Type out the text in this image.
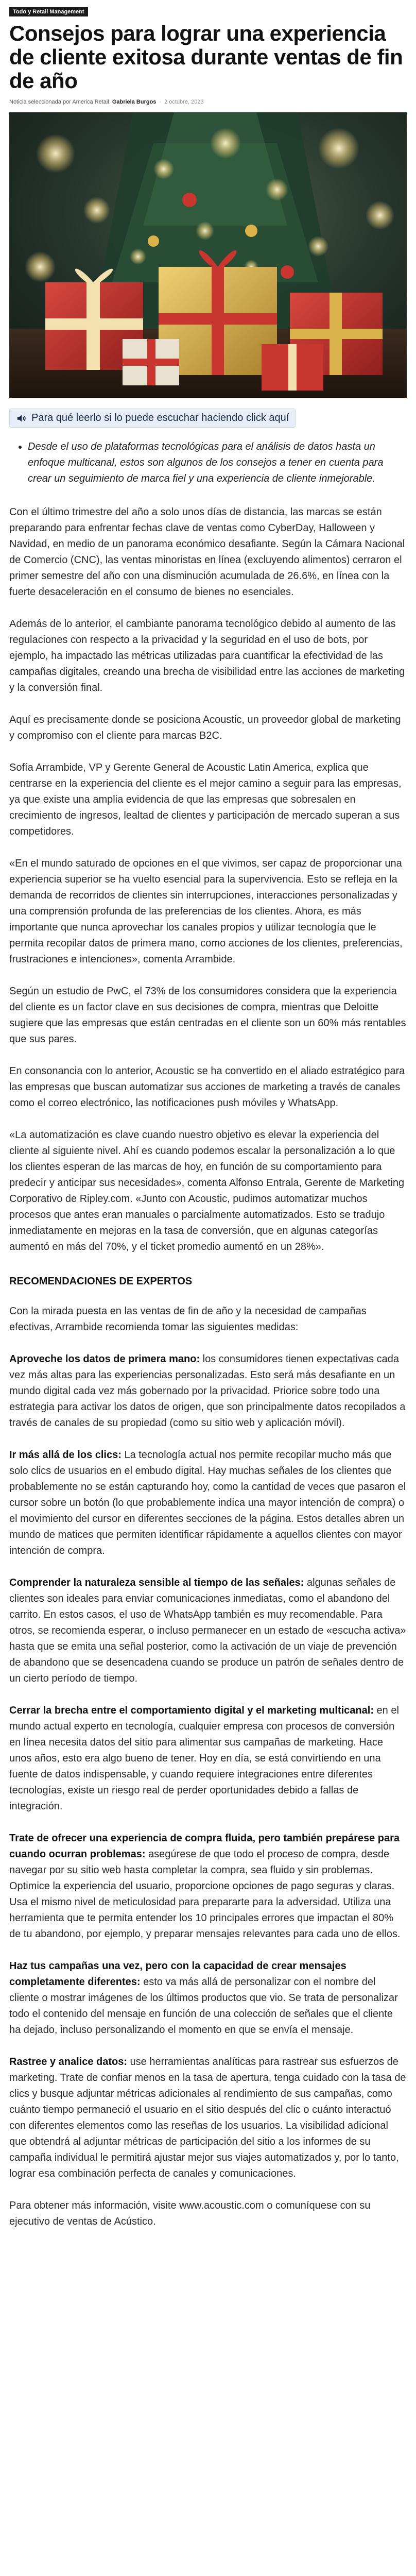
Todo y Retail Management
Consejos para lograr una experiencia de cliente exitosa durante ventas de fin de año
Noticia seleccionada por America Retail Gabriela Burgos · 2 octubre, 2023
Para qué leerlo si lo puede escuchar haciendo click aquí
• Desde el uso de plataformas tecnológicas para el análisis de datos hasta un enfoque multicanal, estos son algunos de los consejos a tener en cuenta para crear un seguimiento de marca fiel y una experiencia de cliente inmejorable.

Con el último trimestre del año a solo unos días de distancia, las marcas se están preparando para enfrentar fechas clave de ventas como CyberDay, Halloween y Navidad, en medio de un panorama económico desafiante. Según la Cámara Nacional de Comercio (CNC), las ventas minoristas en línea (excluyendo alimentos) cerraron el primer semestre del año con una disminución acumulada de 26.6%, en línea con la fuerte desaceleración en el consumo de bienes no esenciales.

Además de lo anterior, el cambiante panorama tecnológico debido al aumento de las regulaciones con respecto a la privacidad y la seguridad en el uso de bots, por ejemplo, ha impactado las métricas utilizadas para cuantificar la efectividad de las campañas digitales, creando una brecha de visibilidad entre las acciones de marketing y la conversión final.

Aquí es precisamente donde se posiciona Acoustic, un proveedor global de marketing y compromiso con el cliente para marcas B2C.

Sofía Arrambide, VP y Gerente General de Acoustic Latin America, explica que centrarse en la experiencia del cliente es el mejor camino a seguir para las empresas, ya que existe una amplia evidencia de que las empresas que sobresalen en crecimiento de ingresos, lealtad de clientes y participación de mercado superan a sus competidores.

«En el mundo saturado de opciones en el que vivimos, ser capaz de proporcionar una experiencia superior se ha vuelto esencial para la supervivencia. Esto se refleja en la demanda de recorridos de clientes sin interrupciones, interacciones personalizadas y una comprensión profunda de las preferencias de los clientes. Ahora, es más importante que nunca aprovechar los canales propios y utilizar tecnología que le permita recopilar datos de primera mano, como acciones de los clientes, preferencias, frustraciones e intenciones», comenta Arrambide.

Según un estudio de PwC, el 73% de los consumidores considera que la experiencia del cliente es un factor clave en sus decisiones de compra, mientras que Deloitte sugiere que las empresas que están centradas en el cliente son un 60% más rentables que sus pares.

En consonancia con lo anterior, Acoustic se ha convertido en el aliado estratégico para las empresas que buscan automatizar sus acciones de marketing a través de canales como el correo electrónico, las notificaciones push móviles y WhatsApp.

«La automatización es clave cuando nuestro objetivo es elevar la experiencia del cliente al siguiente nivel. Ahí es cuando podemos escalar la personalización a lo que los clientes esperan de las marcas de hoy, en función de su comportamiento para predecir y anticipar sus necesidades», comenta Alfonso Entrala, Gerente de Marketing Corporativo de Ripley.com. «Junto con Acoustic, pudimos automatizar muchos procesos que antes eran manuales o parcialmente automatizados. Esto se tradujo inmediatamente en mejoras en la tasa de conversión, que en algunas categorías aumentó en más del 70%, y el ticket promedio aumentó en un 28%».

RECOMENDACIONES DE EXPERTOS

Con la mirada puesta en las ventas de fin de año y la necesidad de campañas efectivas, Arrambide recomienda tomar las siguientes medidas:

Aproveche los datos de primera mano: los consumidores tienen expectativas cada vez más altas para las experiencias personalizadas. Esto será más desafiante en un mundo digital cada vez más gobernado por la privacidad. Priorice sobre todo una estrategia para activar los datos de origen, que son principalmente datos recopilados a través de canales de su propiedad (como su sitio web y aplicación móvil).

Ir más allá de los clics: La tecnología actual nos permite recopilar mucho más que solo clics de usuarios en el embudo digital. Hay muchas señales de los clientes que probablemente no se están capturando hoy, como la cantidad de veces que pasaron el cursor sobre un botón (lo que probablemente indica una mayor intención de compra) o el movimiento del cursor en diferentes secciones de la página. Estos detalles abren un mundo de matices que permiten identificar rápidamente a aquellos clientes con mayor intención de compra.

Comprender la naturaleza sensible al tiempo de las señales: algunas señales de clientes son ideales para enviar comunicaciones inmediatas, como el abandono del carrito. En estos casos, el uso de WhatsApp también es muy recomendable. Para otros, se recomienda esperar, o incluso permanecer en un estado de «escucha activa» hasta que se emita una señal posterior, como la activación de un viaje de prevención de abandono que se desencadena cuando se produce un patrón de señales dentro de un cierto período de tiempo.

Cerrar la brecha entre el comportamiento digital y el marketing multicanal: en el mundo actual experto en tecnología, cualquier empresa con procesos de conversión en línea necesita datos del sitio para alimentar sus campañas de marketing. Hace unos años, esto era algo bueno de tener. Hoy en día, se está convirtiendo en una fuente de datos indispensable, y cuando requiere integraciones entre diferentes tecnologías, existe un riesgo real de perder oportunidades debido a fallas de integración.

Trate de ofrecer una experiencia de compra fluida, pero también prepárese para cuando ocurran problemas: asegúrese de que todo el proceso de compra, desde navegar por su sitio web hasta completar la compra, sea fluido y sin problemas. Optimice la experiencia del usuario, proporcione opciones de pago seguras y claras. Usa el mismo nivel de meticulosidad para prepararte para la adversidad. Utiliza una herramienta que te permita entender los 10 principales errores que impactan el 80% de tu abandono, por ejemplo, y preparar mensajes relevantes para cada uno de ellos.

Haz tus campañas una vez, pero con la capacidad de crear mensajes completamente diferentes: esto va más allá de personalizar con el nombre del cliente o mostrar imágenes de los últimos productos que vio. Se trata de personalizar todo el contenido del mensaje en función de una colección de señales que el cliente ha dejado, incluso personalizando el momento en que se envía el mensaje.

Rastree y analice datos: use herramientas analíticas para rastrear sus esfuerzos de marketing. Trate de confiar menos en la tasa de apertura, tenga cuidado con la tasa de clics y busque adjuntar métricas adicionales al rendimiento de sus campañas, como cuánto tiempo permaneció el usuario en el sitio después del clic o cuánto interactuó con diferentes elementos como las reseñas de los usuarios. La visibilidad adicional que obtendrá al adjuntar métricas de participación del sitio a los informes de su campaña individual le permitirá ajustar mejor sus viajes automatizados y, por lo tanto, lograr esa combinación perfecta de canales y comunicaciones.

Para obtener más información, visite www.acoustic.com o comuníquese con su ejecutivo de ventas de Acústico.
